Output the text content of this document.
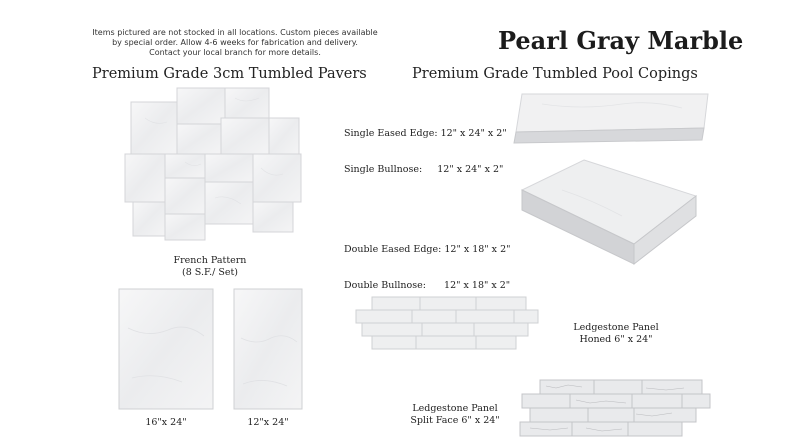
Items pictured are not stocked in all locations. Custom pieces available
by special order. Allow 4-6 weeks for fabrication and delivery.
Contact your local branch for more details.	Pearl Gray Marble
Premium Grade 3cm Tumbled Pavers	Premium Grade Tumbled Pool Copings
French Pattern
(8 S.F./ Set)
16"x 24"	12"x 24"

Single Eased Edge: 12" x 24" x 2"

Single Bullnose:     12" x 24" x 2"

Double Eased Edge: 12" x 18" x 2"

Double Bullnose:      12" x 18" x 2"

Ledgestone Panel
Honed 6" x 24"
Ledgestone Panel
Split Face 6" x 24"
